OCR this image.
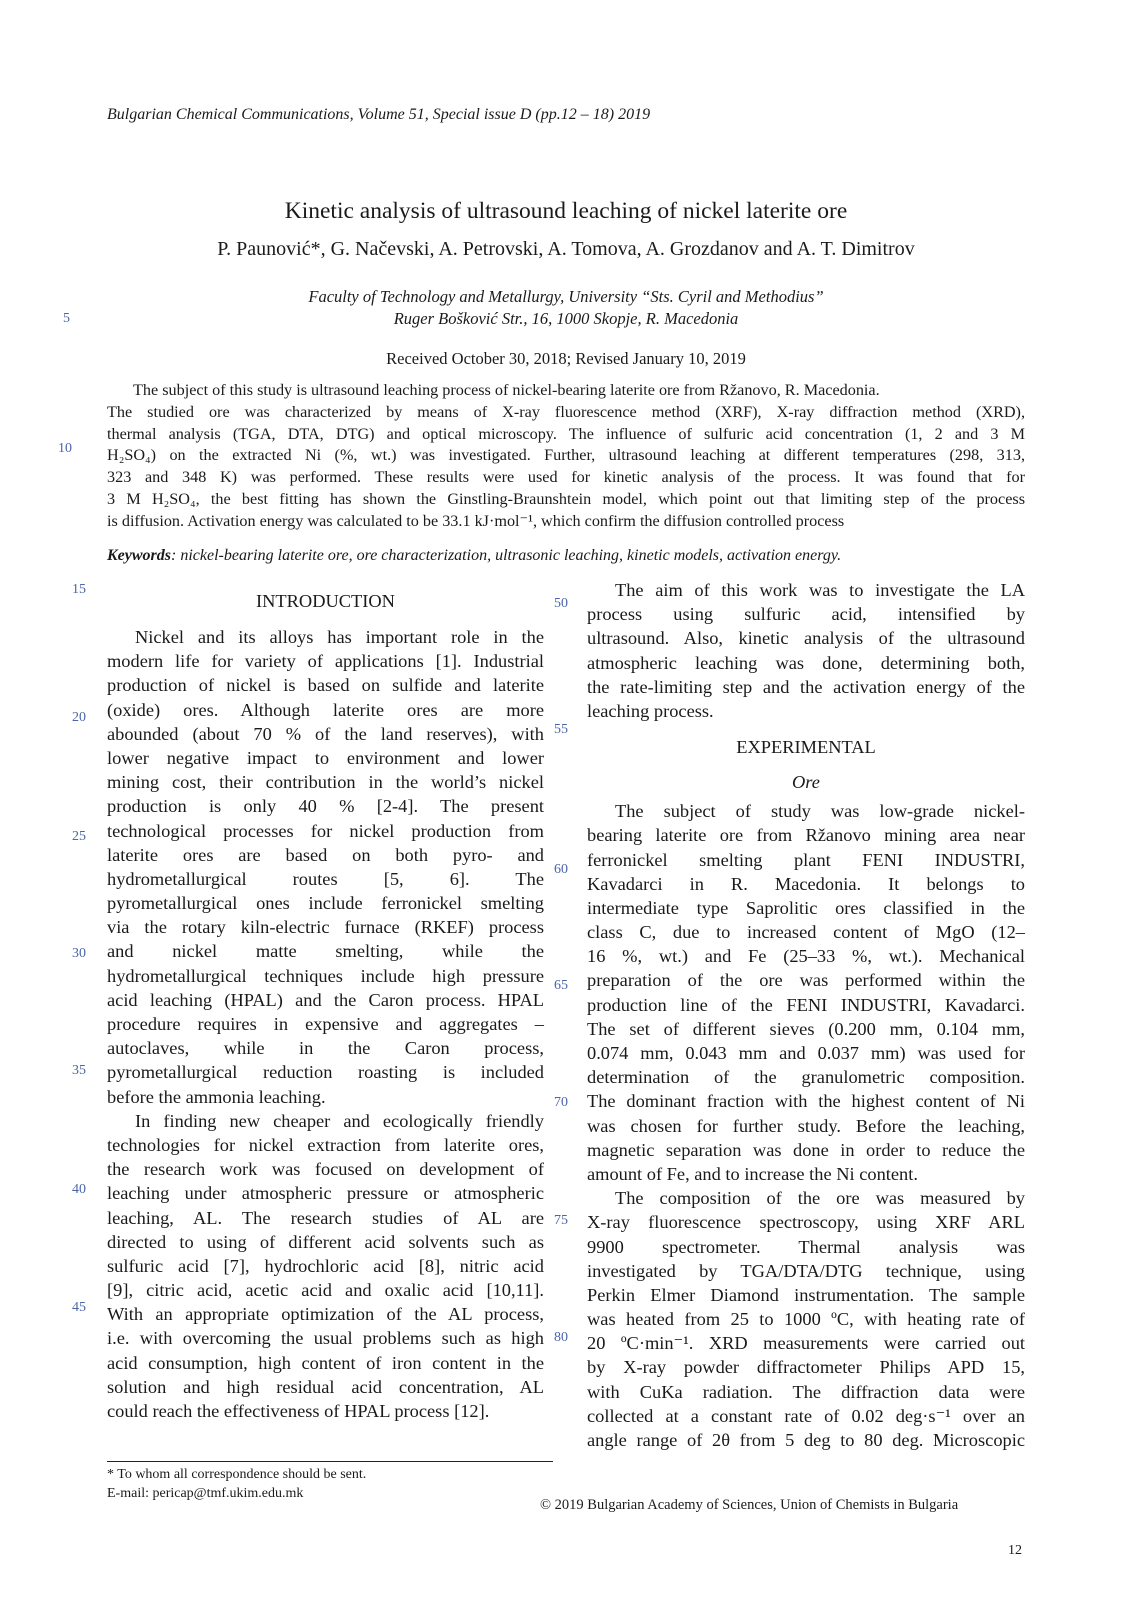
Bulgarian Chemical Communications, Volume 51, Special issue D (pp.12 – 18) 2019
Kinetic analysis of ultrasound leaching of nickel laterite ore
P. Paunović*, G. Načevski, A. Petrovski, A. Tomova, A. Grozdanov and A. T. Dimitrov
Faculty of Technology and Metallurgy, University “Sts. Cyril and Methodius”
Ruger Bošković Str., 16, 1000 Skopje, R. Macedonia
Received October 30, 2018; Revised January 10, 2019
The subject of this study is ultrasound leaching process of nickel-bearing laterite ore from Ržanovo, R. Macedonia.
The studied ore was characterized by means of X-ray fluorescence method (XRF), X-ray diffraction method (XRD),
thermal analysis (TGA, DTA, DTG) and optical microscopy. The influence of sulfuric acid concentration (1, 2 and 3 M
H₂SO₄) on the extracted Ni (%, wt.) was investigated. Further, ultrasound leaching at different temperatures (298, 313,
323 and 348 K) was performed. These results were used for kinetic analysis of the process. It was found that for
3 M H₂SO₄, the best fitting has shown the Ginstling-Braunshtein model, which point out that limiting step of the process
is diffusion. Activation energy was calculated to be 33.1 kJ·mol⁻¹, which confirm the diffusion controlled process
Keywords: nickel-bearing laterite ore, ore characterization, ultrasonic leaching, kinetic models, activation energy.
5
10
15
20
25
30
35
40
45
50
55
60
65
70
75
80
INTRODUCTION
Nickel and its alloys has important role in the
modern life for variety of applications [1]. Industrial
production of nickel is based on sulfide and laterite
(oxide) ores. Although laterite ores are more
abounded (about 70 % of the land reserves), with
lower negative impact to environment and lower
mining cost, their contribution in the world’s nickel
production is only 40 % [2-4]. The present
technological processes for nickel production from
laterite ores are based on both pyro- and
hydrometallurgical routes [5, 6]. The
pyrometallurgical ones include ferronickel smelting
via the rotary kiln-electric furnace (RKEF) process
and nickel matte smelting, while the
hydrometallurgical techniques include high pressure
acid leaching (HPAL) and the Caron process. HPAL
procedure requires in expensive and aggregates –
autoclaves, while in the Caron process,
pyrometallurgical reduction roasting is included
before the ammonia leaching.
In finding new cheaper and ecologically friendly
technologies for nickel extraction from laterite ores,
the research work was focused on development of
leaching under atmospheric pressure or atmospheric
leaching, AL. The research studies of AL are
directed to using of different acid solvents such as
sulfuric acid [7], hydrochloric acid [8], nitric acid
[9], citric acid, acetic acid and oxalic acid [10,11].
With an appropriate optimization of the AL process,
i.e. with overcoming the usual problems such as high
acid consumption, high content of iron content in the
solution and high residual acid concentration, AL
could reach the effectiveness of HPAL process [12].
The aim of this work was to investigate the LA
process using sulfuric acid, intensified by
ultrasound. Also, kinetic analysis of the ultrasound
atmospheric leaching was done, determining both,
the rate-limiting step and the activation energy of the
leaching process.
EXPERIMENTAL
Ore
The subject of study was low-grade nickel-
bearing laterite ore from Ržanovo mining area near
ferronickel smelting plant FENI INDUSTRI,
Kavadarci in R. Macedonia. It belongs to
intermediate type Saprolitic ores classified in the
class C, due to increased content of MgO (12–
16 %, wt.) and Fe (25–33 %, wt.). Mechanical
preparation of the ore was performed within the
production line of the FENI INDUSTRI, Kavadarci.
The set of different sieves (0.200 mm, 0.104 mm,
0.074 mm, 0.043 mm and 0.037 mm) was used for
determination of the granulometric composition.
The dominant fraction with the highest content of Ni
was chosen for further study. Before the leaching,
magnetic separation was done in order to reduce the
amount of Fe, and to increase the Ni content.
The composition of the ore was measured by
X-ray fluorescence spectroscopy, using XRF ARL
9900 spectrometer. Thermal analysis was
investigated by TGA/DTA/DTG technique, using
Perkin Elmer Diamond instrumentation. The sample
was heated from 25 to 1000 ºC, with heating rate of
20 ºC·min⁻¹. XRD measurements were carried out
by X-ray powder diffractometer Philips APD 15,
with CuKa radiation. The diffraction data were
collected at a constant rate of 0.02 deg·s⁻¹ over an
angle range of 2θ from 5 deg to 80 deg. Microscopic
* To whom all correspondence should be sent.
E-mail: pericap@tmf.ukim.edu.mk
© 2019 Bulgarian Academy of Sciences, Union of Chemists in Bulgaria
12
